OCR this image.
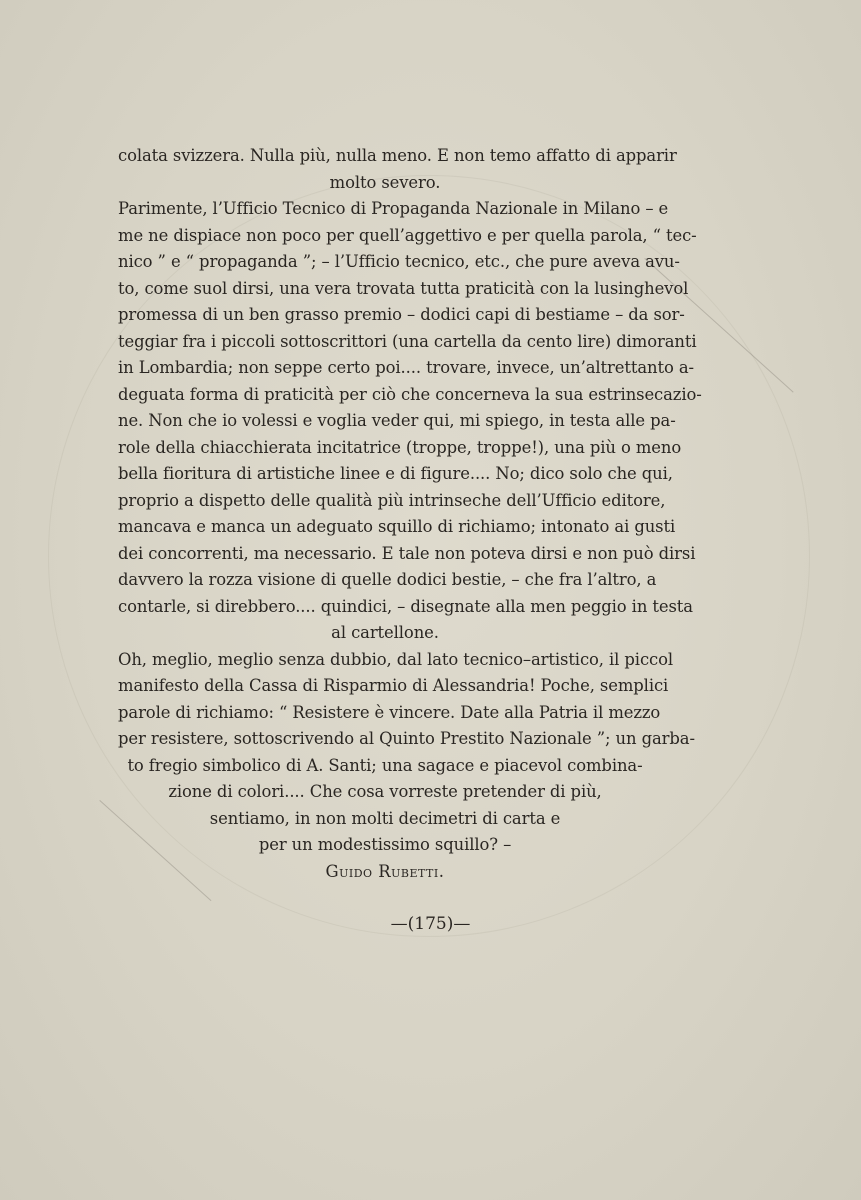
colata svizzera. Nulla più, nulla meno. E non temo affatto di apparir
molto severo.
Parimente, l’Ufficio Tecnico di Propaganda Nazionale in Milano – e
me ne dispiace non poco per quell’aggettivo e per quella parola, “ tec-
nico ” e “ propaganda ”; – l’Ufficio tecnico, etc., che pure aveva avu-
to, come suol dirsi, una vera trovata tutta praticità con la lusinghevol
promessa di un ben grasso premio – dodici capi di bestiame – da sor-
teggiar fra i piccoli sottoscrittori (una cartella da cento lire) dimoranti
in Lombardia; non seppe certo poi.... trovare, invece, un’altrettanto a-
deguata forma di praticità per ciò che concerneva la sua estrinsecazio-
ne. Non che io volessi e voglia veder qui, mi spiego, in testa alle pa-
role della chiacchierata incitatrice (troppe, troppe!), una più o meno
bella fioritura di artistiche linee e di figure.... No; dico solo che qui,
proprio a dispetto delle qualità più intrinseche dell’Ufficio editore,
mancava e manca un adeguato squillo di richiamo; intonato ai gusti
dei concorrenti, ma necessario. E tale non poteva dirsi e non può dirsi
davvero la rozza visione di quelle dodici bestie, – che fra l’altro, a
contarle, si direbbero.... quindici, – disegnate alla men peggio in testa
al cartellone.
Oh, meglio, meglio senza dubbio, dal lato tecnico–artistico, il piccol
manifesto della Cassa di Risparmio di Alessandria! Poche, semplici
parole di richiamo: “ Resistere è vincere. Date alla Patria il mezzo
per resistere, sottoscrivendo al Quinto Prestito Nazionale ”; un garba-
to fregio simbolico di A. Santi; una sagace e piacevol combina-
zione di colori.... Che cosa vorreste pretender di più,
sentiamo, in non molti decimetri di carta e
per un modestissimo squillo? –
Guido Rubetti.
—(175)—
